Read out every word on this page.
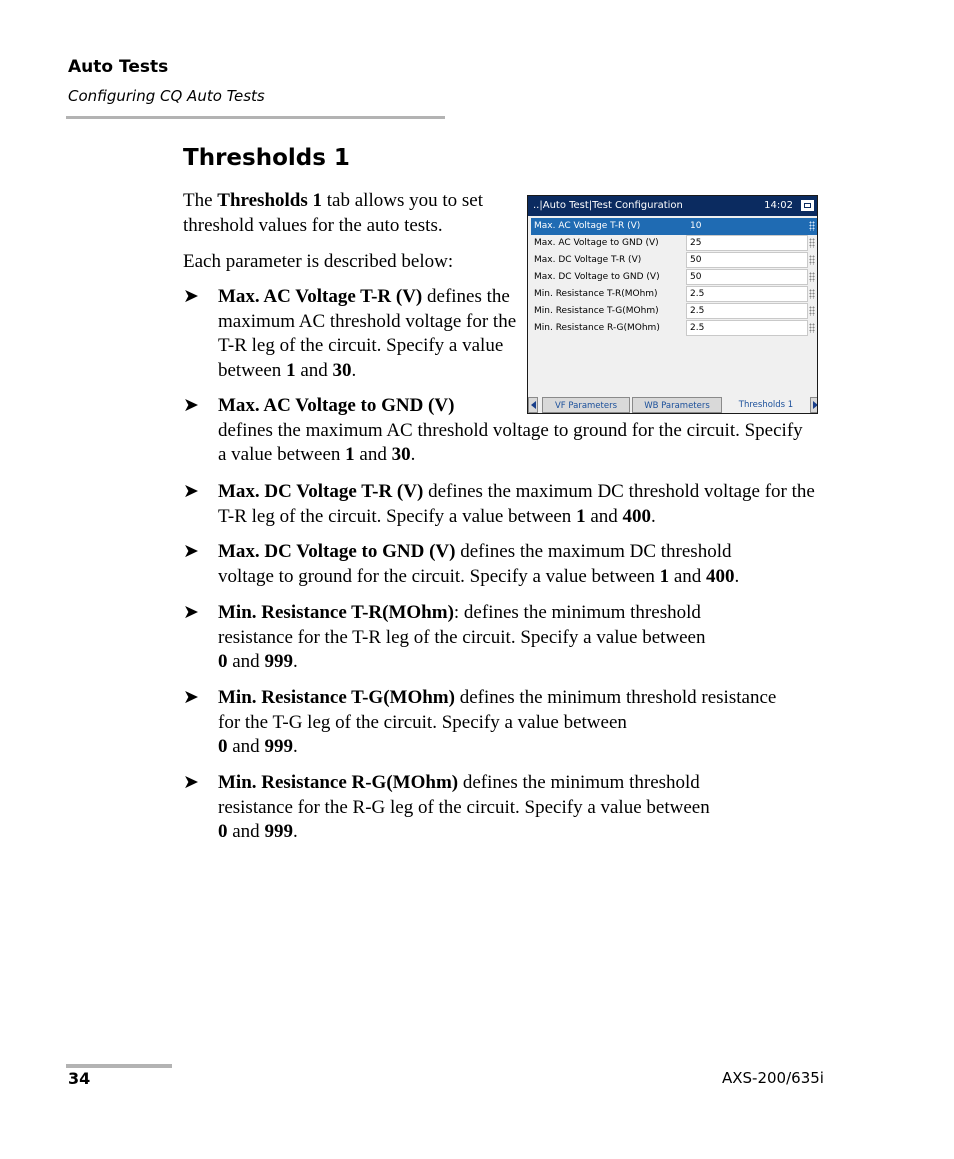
Auto Tests
Configuring CQ Auto Tests
Thresholds 1
The Thresholds 1 tab allows you to set threshold values for the auto tests.
Each parameter is described below:
➤	Max. AC Voltage T-R (V) defines the maximum AC threshold voltage for the T-R leg of the circuit. Specify a value between 1 and 30.
➤	Max. AC Voltage to GND (V)
defines the maximum AC threshold voltage to ground for the circuit. Specify a value between 1 and 30.
➤	Max. DC Voltage T-R (V) defines the maximum DC threshold voltage for the T-R leg of the circuit. Specify a value between 1 and 400.
➤	Max. DC Voltage to GND (V) defines the maximum DC threshold voltage to ground for the circuit. Specify a value between 1 and 400.
➤	Min. Resistance T-R(MOhm): defines the minimum threshold resistance for the T-R leg of the circuit. Specify a value between
0 and 999.
➤	Min. Resistance T-G(MOhm) defines the minimum threshold resistance for the T-G leg of the circuit. Specify a value between
0 and 999.
➤	Min. Resistance R-G(MOhm) defines the minimum threshold resistance for the R-G leg of the circuit. Specify a value between
0 and 999.
..|Auto Test|Test Configuration	14:02
Max. AC Voltage T-R (V)	10
Max. AC Voltage to GND (V)	25
Max. DC Voltage T-R (V)	50
Max. DC Voltage to GND (V)	50
Min. Resistance T-R(MOhm)	2.5
Min. Resistance T-G(MOhm)	2.5
Min. Resistance R-G(MOhm)	2.5
VF Parameters	WB Parameters	Thresholds 1
34	AXS-200/635i
